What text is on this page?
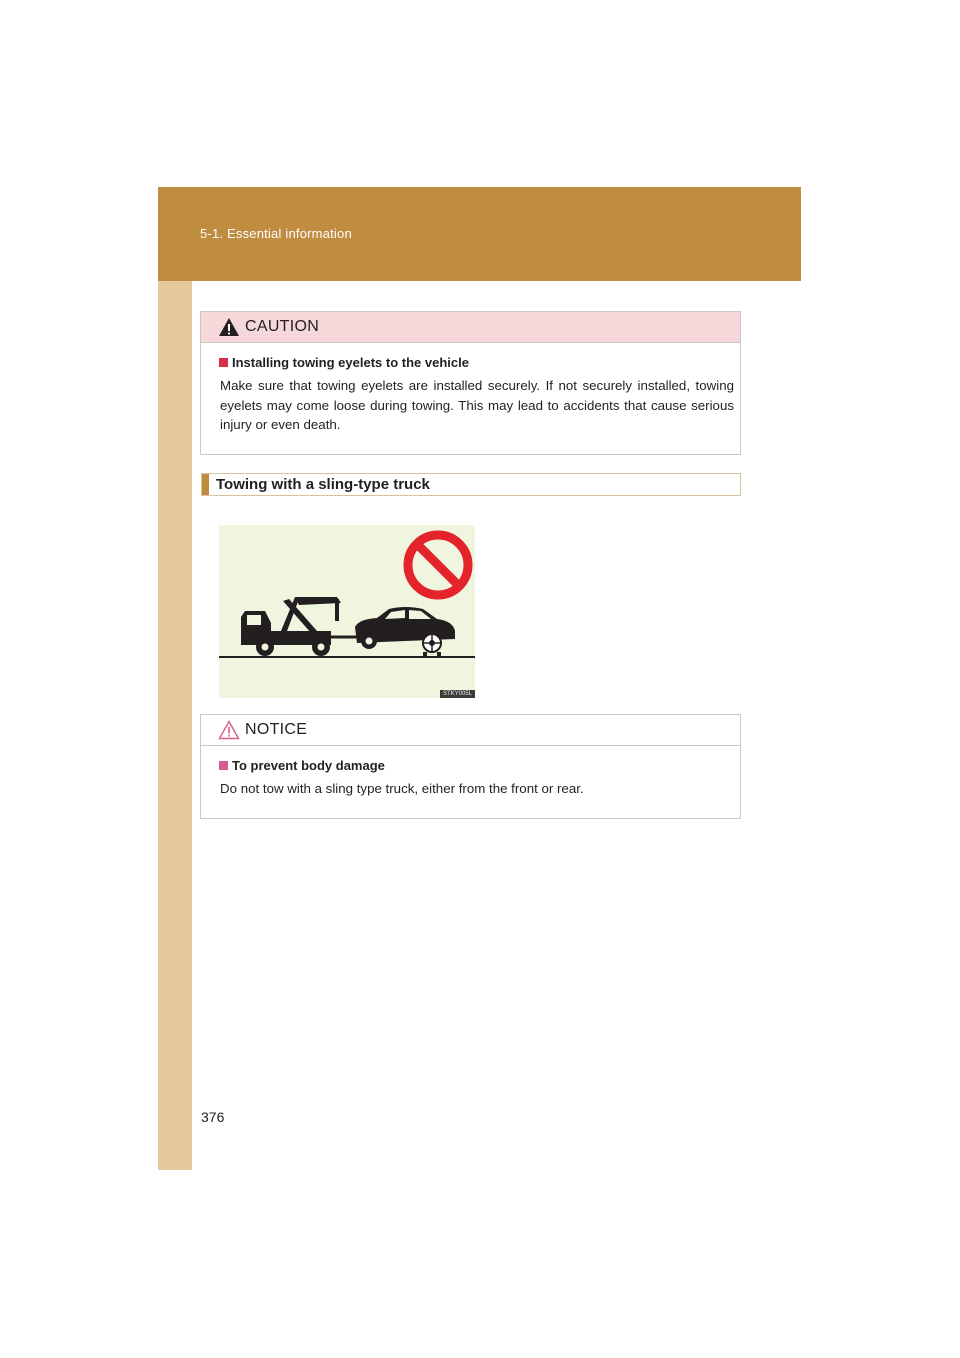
5-1. Essential information
CAUTION
Installing towing eyelets to the vehicle

Make sure that towing eyelets are installed securely. If not securely installed, towing eyelets may come loose during towing. This may lead to accidents that cause serious injury or even death.

Towing with a sling-type truck
STKY005L
NOTICE
To prevent body damage

Do not tow with a sling type truck, either from the front or rear.

376
